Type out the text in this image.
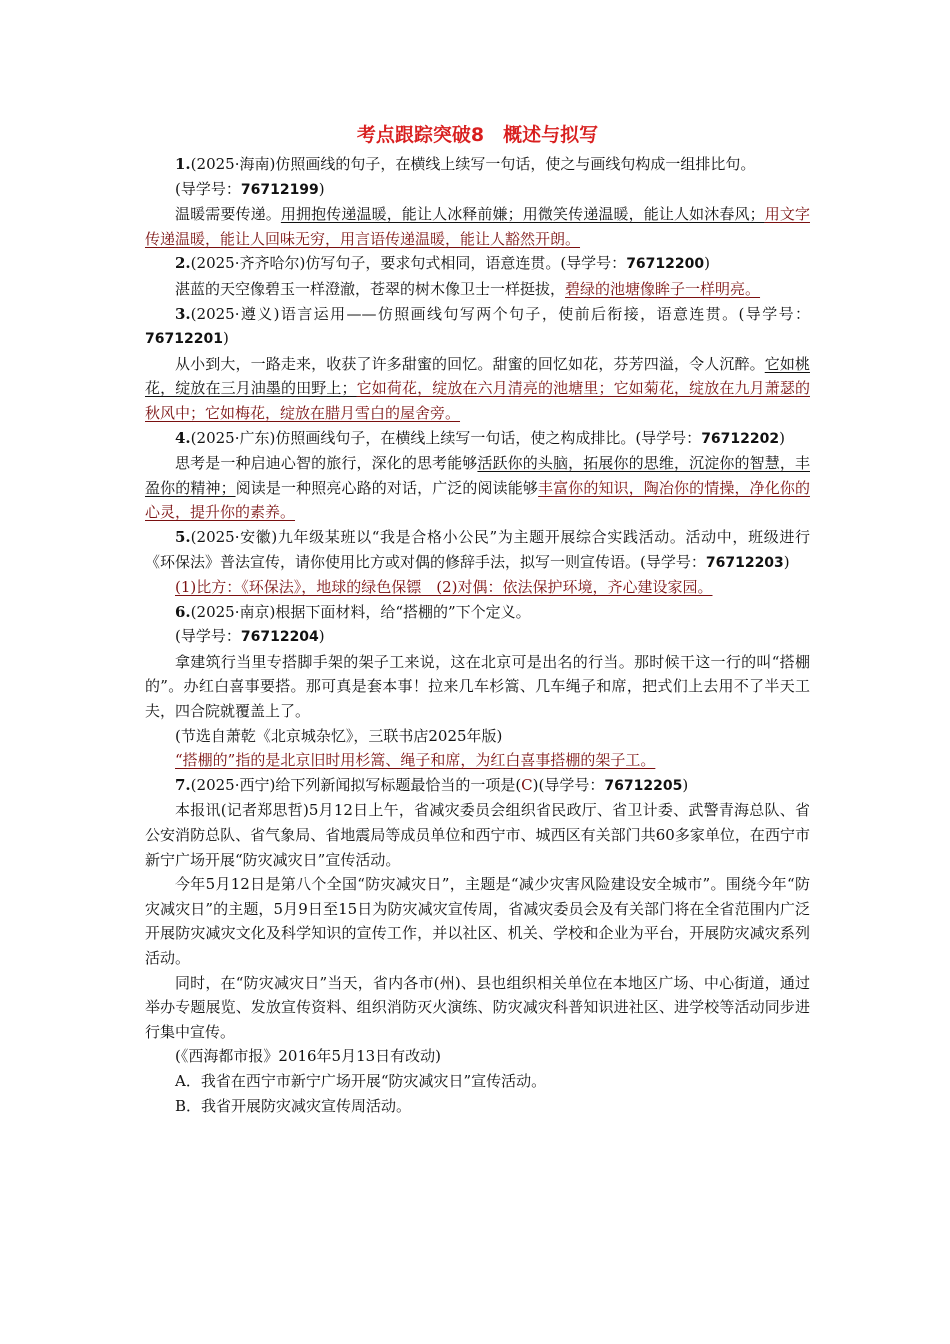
考点跟踪突破8　概述与拟写

1.(2025·海南)仿照画线的句子，在横线上续写一句话，使之与画线句构成一组排比句。

(导学号：76712199)

温暖需要传递。用拥抱传递温暖，能让人冰释前嫌；用微笑传递温暖，能让人如沐春风；用文字传递温暖，能让人回味无穷，用言语传递温暖，能让人豁然开朗。

2.(2025·齐齐哈尔)仿写句子，要求句式相同，语意连贯。(导学号：76712200)

湛蓝的天空像碧玉一样澄澈，苍翠的树木像卫士一样挺拔，碧绿的池塘像眸子一样明亮。

3.(2025·遵义)语言运用——仿照画线句写两个句子，使前后衔接，语意连贯。(导学号：76712201)

从小到大，一路走来，收获了许多甜蜜的回忆。甜蜜的回忆如花，芬芳四溢，令人沉醉。它如桃花，绽放在三月油墨的田野上；它如荷花，绽放在六月清亮的池塘里；它如菊花，绽放在九月萧瑟的秋风中；它如梅花，绽放在腊月雪白的屋舍旁。

4.(2025·广东)仿照画线句子，在横线上续写一句话，使之构成排比。(导学号：76712202)

思考是一种启迪心智的旅行，深化的思考能够活跃你的头脑，拓展你的思维，沉淀你的智慧，丰盈你的精神；阅读是一种照亮心路的对话，广泛的阅读能够丰富你的知识，陶冶你的情操，净化你的心灵，提升你的素养。

5.(2025·安徽)九年级某班以“我是合格小公民”为主题开展综合实践活动。活动中，班级进行《环保法》普法宣传，请你使用比方或对偶的修辞手法，拟写一则宣传语。(导学号：76712203)

(1)比方：《环保法》，地球的绿色保镖　(2)对偶：依法保护环境，齐心建设家园。

6.(2025·南京)根据下面材料，给“搭棚的”下个定义。

(导学号：76712204)

拿建筑行当里专搭脚手架的架子工来说，这在北京可是出名的行当。那时候干这一行的叫“搭棚的”。办红白喜事要搭。那可真是套本事！拉来几车杉篙、几车绳子和席，把式们上去用不了半天工夫，四合院就覆盖上了。

(节选自萧乾《北京城杂忆》，三联书店2025年版)

“搭棚的”指的是北京旧时用杉篙、绳子和席，为红白喜事搭棚的架子工。

7.(2025·西宁)给下列新闻拟写标题最恰当的一项是(C)(导学号：76712205)

本报讯(记者郑思哲)5月12日上午，省减灾委员会组织省民政厅、省卫计委、武警青海总队、省公安消防总队、省气象局、省地震局等成员单位和西宁市、城西区有关部门共60多家单位，在西宁市新宁广场开展“防灾减灾日”宣传活动。

今年5月12日是第八个全国“防灾减灾日”，主题是“减少灾害风险建设安全城市”。围绕今年“防灾减灾日”的主题，5月9日至15日为防灾减灾宣传周，省减灾委员会及有关部门将在全省范围内广泛开展防灾减灾文化及科学知识的宣传工作，并以社区、机关、学校和企业为平台，开展防灾减灾系列活动。

同时，在“防灾减灾日”当天，省内各市(州)、县也组织相关单位在本地区广场、中心街道，通过举办专题展览、发放宣传资料、组织消防灭火演练、防灾减灾科普知识进社区、进学校等活动同步进行集中宣传。

(《西海都市报》2016年5月13日有改动)

A．我省在西宁市新宁广场开展“防灾减灾日”宣传活动。

B．我省开展防灾减灾宣传周活动。
